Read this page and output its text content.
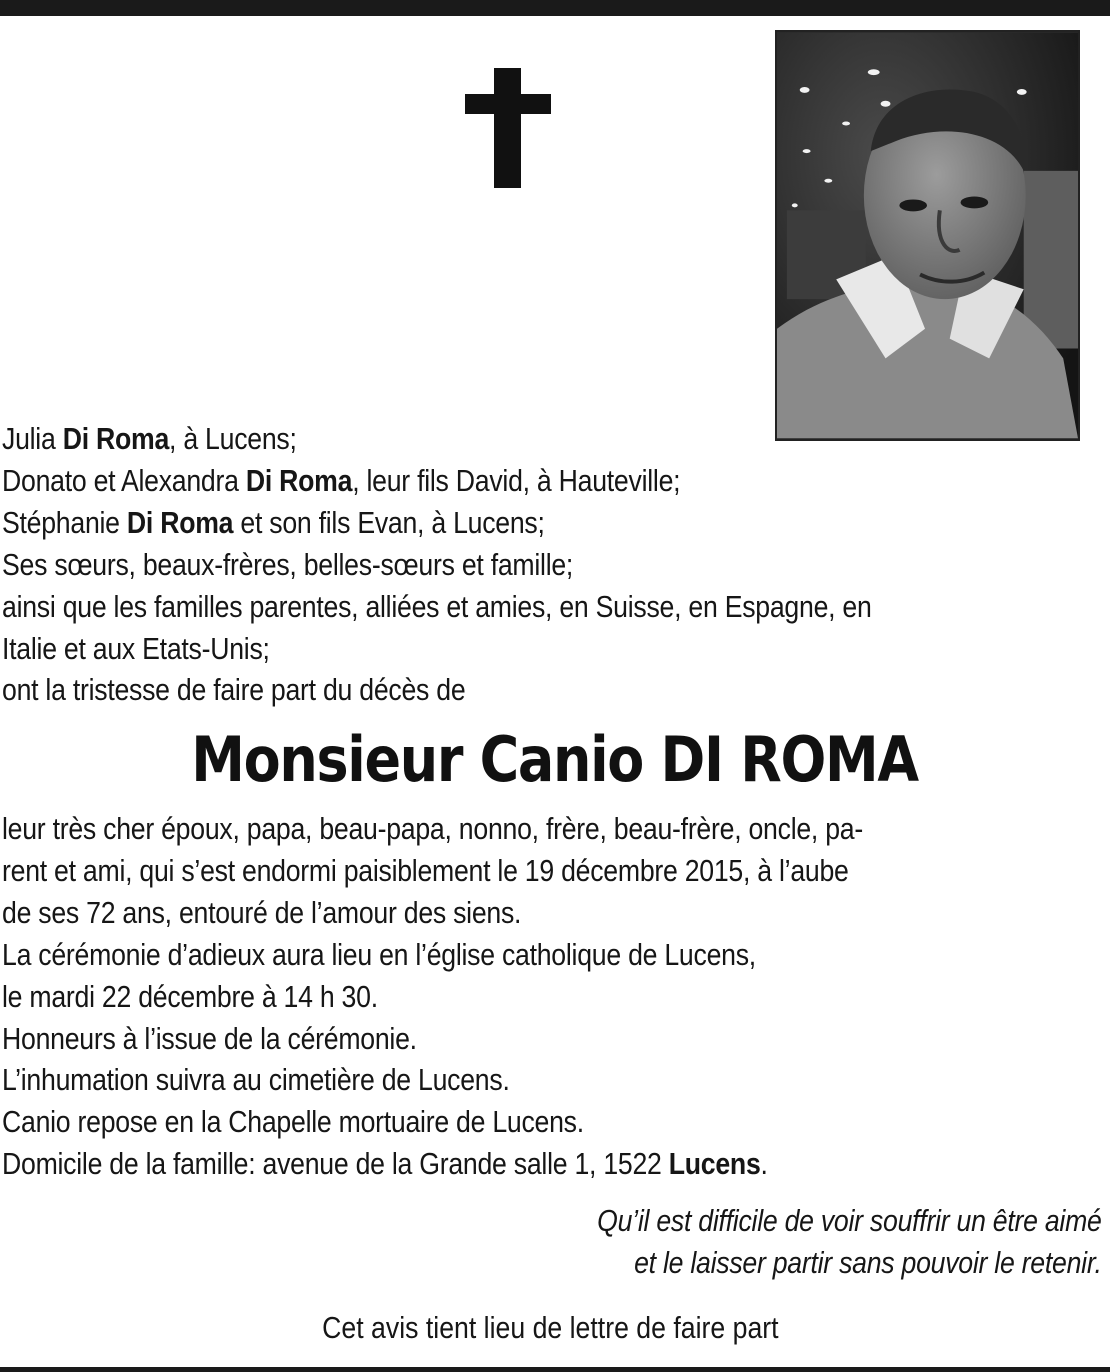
Julia Di Roma, à Lucens;
Donato et Alexandra Di Roma, leur fils David, à Hauteville;
Stéphanie Di Roma et son fils Evan, à Lucens;
Ses sœurs, beaux-frères, belles-sœurs et famille;
ainsi que les familles parentes, alliées et amies, en Suisse, en Espagne, en
Italie et aux Etats-Unis;
ont la tristesse de faire part du décès de
Monsieur Canio DI ROMA
leur très cher époux, papa, beau-papa, nonno, frère, beau-frère, oncle, pa-
rent et ami, qui s’est endormi paisiblement le 19 décembre 2015, à l’aube
de ses 72 ans, entouré de l’amour des siens.
La cérémonie d’adieux aura lieu en l’église catholique de Lucens,
le mardi 22 décembre à 14 h 30.
Honneurs à l’issue de la cérémonie.
L’inhumation suivra au cimetière de Lucens.
Canio repose en la Chapelle mortuaire de Lucens.
Domicile de la famille: avenue de la Grande salle 1, 1522 Lucens.
Qu’il est difficile de voir souffrir un être aimé
et le laisser partir sans pouvoir le retenir.
Cet avis tient lieu de lettre de faire part
